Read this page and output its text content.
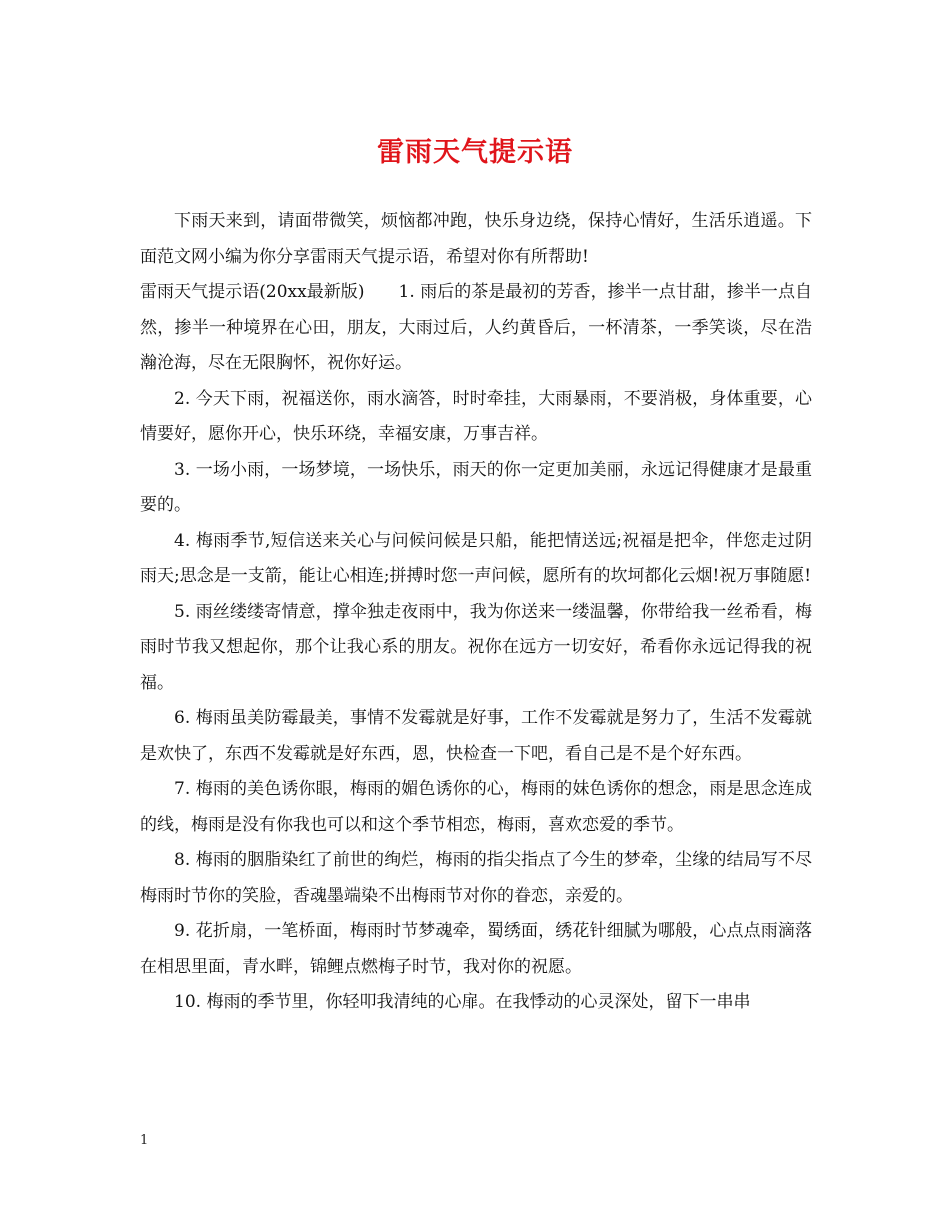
雷雨天气提示语

下雨天来到，请面带微笑，烦恼都冲跑，快乐身边绕，保持心情好，生活乐逍遥。下面范文网小编为你分享雷雨天气提示语，希望对你有所帮助!

雷雨天气提示语(20xx最新版)　　1. 雨后的茶是最初的芳香，掺半一点甘甜，掺半一点自然，掺半一种境界在心田，朋友，大雨过后，人约黄昏后，一杯清茶，一季笑谈，尽在浩瀚沧海，尽在无限胸怀，祝你好运。

2. 今天下雨，祝福送你，雨水滴答，时时牵挂，大雨暴雨，不要消极，身体重要，心情要好，愿你开心，快乐环绕，幸福安康，万事吉祥。

3. 一场小雨，一场梦境，一场快乐，雨天的你一定更加美丽，永远记得健康才是最重要的。

4. 梅雨季节,短信送来关心与问候问候是只船，能把情送远;祝福是把伞，伴您走过阴雨天;思念是一支箭，能让心相连;拼搏时您一声问候，愿所有的坎坷都化云烟!祝万事随愿!

5. 雨丝缕缕寄情意，撑伞独走夜雨中，我为你送来一缕温馨，你带给我一丝希看，梅雨时节我又想起你，那个让我心系的朋友。祝你在远方一切安好，希看你永远记得我的祝福。

6. 梅雨虽美防霉最美，事情不发霉就是好事，工作不发霉就是努力了，生活不发霉就是欢快了，东西不发霉就是好东西，恩，快检查一下吧，看自己是不是个好东西。

7. 梅雨的美色诱你眼，梅雨的媚色诱你的心，梅雨的妹色诱你的想念，雨是思念连成的线，梅雨是没有你我也可以和这个季节相恋，梅雨，喜欢恋爱的季节。

8. 梅雨的胭脂染红了前世的绚烂，梅雨的指尖指点了今生的梦牵，尘缘的结局写不尽梅雨时节你的笑脸，香魂墨端染不出梅雨节对你的眷恋，亲爱的。

9. 花折扇，一笔桥面，梅雨时节梦魂牵，蜀绣面，绣花针细腻为哪般，心点点雨滴落在相思里面，青水畔，锦鲤点燃梅子时节，我对你的祝愿。

10. 梅雨的季节里，你轻叩我清纯的心扉。在我悸动的心灵深处，留下一串串

1
